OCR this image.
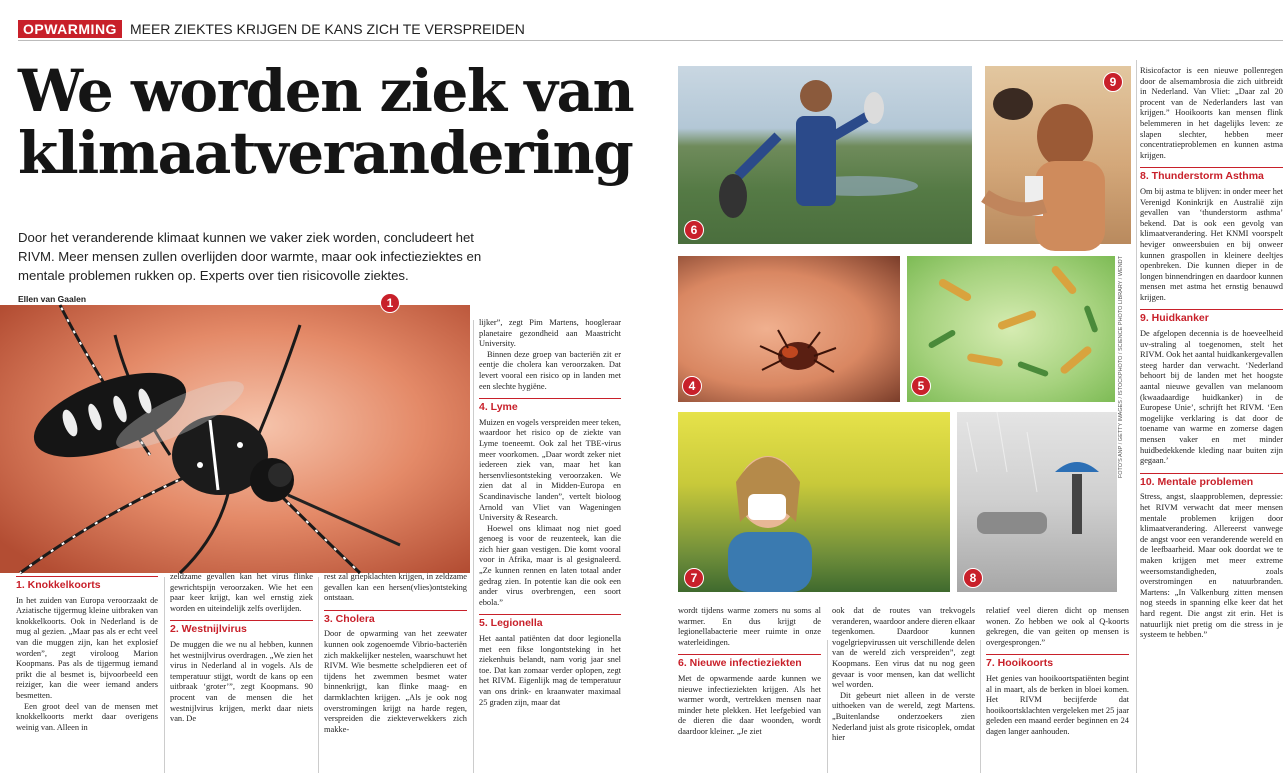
OPWARMING MEER ZIEKTES KRIJGEN DE KANS ZICH TE VERSPREIDEN
We worden ziek van
klimaatverandering
Door het veranderende klimaat kunnen we vaker ziek worden, concludeert het RIVM. Meer mensen zullen overlijden door warmte, maar ook infectieziektes en mentale problemen rukken op. Experts over tien risicovolle ziektes.
Ellen van Gaalen	1
1. Knokkelkoorts

In het zuiden van Europa veroorzaakt de Aziatische tijgermug kleine uitbraken van knokkelkoorts. Ook in Nederland is de mug al gezien. „Maar pas als er echt veel van die muggen zijn, kan het explosief worden”, zegt viroloog Marion Koopmans. Pas als de tijgermug iemand prikt die al besmet is, bijvoorbeeld een reiziger, kan die weer iemand anders besmetten.

Een groot deel van de mensen met knokkelkoorts merkt daar overigens weinig van. Alleen in

zeldzame gevallen kan het virus flinke gewrichtspijn veroorzaken. Wie het een paar keer krijgt, kan wel ernstig ziek worden en uiteindelijk zelfs overlijden.

2. Westnijlvirus

De muggen die we nu al hebben, kunnen het westnijlvirus overdragen. „We zien het virus in Nederland al in vogels. Als de temperatuur stijgt, wordt de kans op een uitbraak ‘groter’”, zegt Koopmans. 90 procent van de mensen die het westnijlvirus krijgen, merkt daar niets van. De

rest zal griepklachten krijgen, in zeldzame gevallen kan een hersen(vlies)ontsteking ontstaan.

3. Cholera

Door de opwarming van het zeewater kunnen ook zogenoemde Vibrio-bacteriën zich makkelijker nestelen, waarschuwt het RIVM. Wie besmette schelpdieren eet of tijdens het zwemmen besmet water binnenkrijgt, kan flinke maag- en darmklachten krijgen. „Als je ook nog overstromingen krijgt na harde regen, verspreiden die ziekteverwekkers zich makke-

lijker”, zegt Pim Martens, hoogleraar planetaire gezondheid aan Maastricht University.

Binnen deze groep van bacteriën zit er eentje die cholera kan veroorzaken. Dat levert vooral een risico op in landen met een slechte hygiëne.

4. Lyme

Muizen en vogels verspreiden meer teken, waardoor het risico op de ziekte van Lyme toeneemt. Ook zal het TBE-virus meer voorkomen. „Daar wordt zeker niet iedereen ziek van, maar het kan hersenvliesontsteking veroorzaken. We zien dat al in Midden-Europa en Scandinavische landen”, vertelt bioloog Arnold van Vliet van Wageningen University & Research.

Hoewel ons klimaat nog niet goed genoeg is voor de reuzenteek, kan die zich hier gaan vestigen. Die komt vooral voor in Afrika, maar is al gesignaleerd. „Ze kunnen rennen en laten totaal ander gedrag zien. In potentie kan die ook een ander virus overbrengen, een soort ebola.”

5. Legionella

Het aantal patiënten dat door legionella met een fikse longontsteking in het ziekenhuis belandt, nam vorig jaar snel toe. Dat kan zomaar verder oplopen, zegt het RIVM. Eigenlijk mag de temperatuur van ons drink- en kraanwater maximaal 25 graden zijn, maar dat

6
9
4	5	FOTO'S ANP / GETTY IMAGES / ISTOCKPHOTO / SCIENCE PHOTO LIBRARY / WENDT
7	8

wordt tijdens warme zomers nu soms al warmer. En dus krijgt de legionellabacterie meer ruimte in onze waterleidingen.

6. Nieuwe infectieziekten

Met de opwarmende aarde kunnen we nieuwe infectieziekten krijgen. Als het warmer wordt, vertrekken mensen naar minder hete plekken. Het leefgebied van de dieren die daar woonden, wordt daardoor kleiner. „Je ziet

ook dat de routes van trekvogels veranderen, waardoor andere dieren elkaar tegenkomen. Daardoor kunnen vogelgriepvirussen uit verschillende delen van de wereld zich verspreiden”, zegt Koopmans. Een virus dat nu nog geen gevaar is voor mensen, kan dat wellicht wel worden.

Dit gebeurt niet alleen in de verste uithoeken van de wereld, zegt Martens. „Buitenlandse onderzoekers zien Nederland juist als grote risicoplek, omdat hier

relatief veel dieren dicht op mensen wonen. Zo hebben we ook al Q-koorts gekregen, die van geiten op mensen is overgesprongen.”

7. Hooikoorts

Het genies van hooikoortspatiënten begint al in maart, als de berken in bloei komen. Het RIVM becijferde dat hooikoortsklachten vergeleken met 25 jaar geleden een maand eerder beginnen en 24 dagen langer aanhouden.

Risicofactor is een nieuwe pollenregen door de alsemambrosia die zich uitbreidt in Nederland. Van Vliet: „Daar zal 20 procent van de Nederlanders last van krijgen.” Hooikoorts kan mensen flink belemmeren in het dagelijks leven: ze slapen slechter, hebben meer concentratieproblemen en kunnen astma krijgen.

8. Thunderstorm Asthma

Om bij astma te blijven: in onder meer het Verenigd Koninkrijk en Australië zijn gevallen van ‘thunderstorm asthma’ bekend. Dat is ook een gevolg van klimaatverandering. Het KNMI voorspelt heviger onweersbuien en bij onweer kunnen graspollen in kleinere deeltjes openbreken. Die kunnen dieper in de longen binnendringen en daardoor kunnen mensen met astma het ernstig benauwd krijgen.

9. Huidkanker

De afgelopen decennia is de hoeveelheid uv-straling al toegenomen, stelt het RIVM. Ook het aantal huidkankergevallen steeg harder dan verwacht. ‘Nederland behoort bij de landen met het hoogste aantal nieuwe gevallen van melanoom (kwaadaardige huidkanker) in de Europese Unie’, schrijft het RIVM. ‘Een mogelijke verklaring is dat door de toename van warme en zomerse dagen mensen vaker en met minder huidbedekkende kleding naar buiten zijn gegaan.’

10. Mentale problemen

Stress, angst, slaapproblemen, depressie: het RIVM verwacht dat meer mensen mentale problemen krijgen door klimaatverandering. Allereerst vanwege de angst voor een veranderende wereld en de leefbaarheid. Maar ook doordat we te maken krijgen met meer extreme weersomstandigheden, zoals overstromingen en natuurbranden. Martens: „In Valkenburg zitten mensen nog steeds in spanning elke keer dat het hard regent. Die angst zit erin. Het is natuurlijk niet pretig om die stress in je systeem te hebben.”
